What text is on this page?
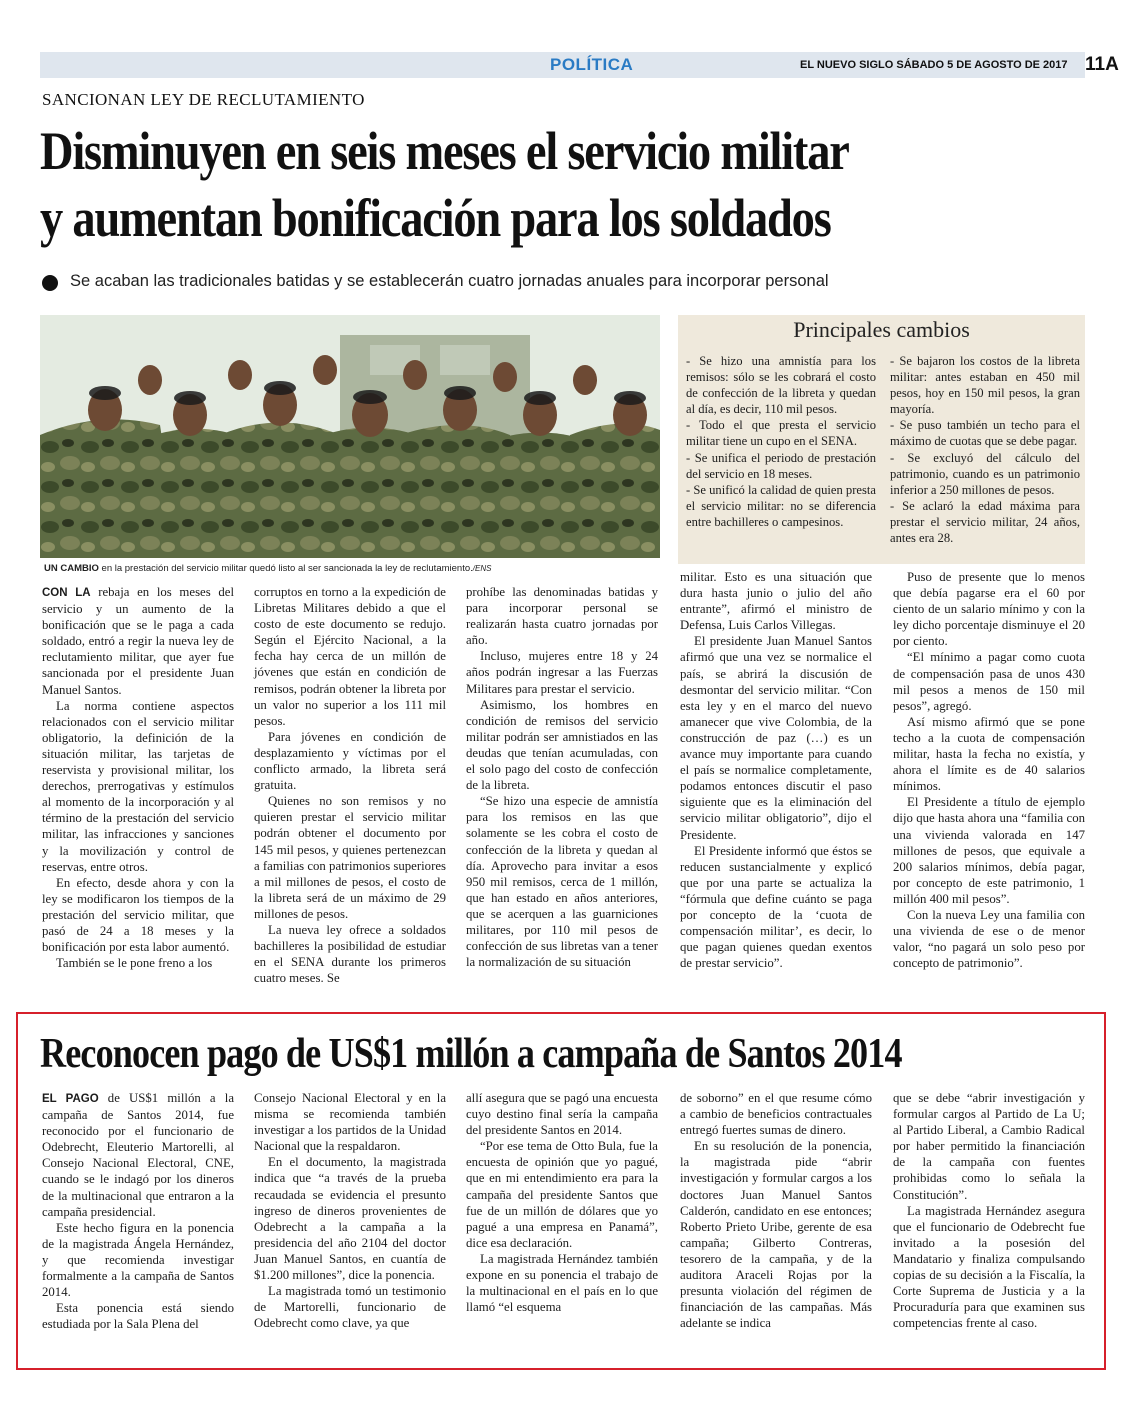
POLÍTICA	EL NUEVO SIGLO SÁBADO 5 DE AGOSTO DE 2017 11A
SANCIONAN LEY DE RECLUTAMIENTO
Disminuyen en seis meses el servicio militar
y aumentan bonificación para los soldados
Se acaban las tradicionales batidas y se establecerán cuatro jornadas anuales para incorporar personal
UN CAMBIO en la prestación del servicio militar quedó listo al ser sancionada la ley de reclutamiento./ENS
Principales cambios

- Se hizo una amnistía para los remisos: sólo se les cobrará el costo de confección de la libreta y quedan al día, es decir, 110 mil pesos.

- Todo el que presta el servicio militar tiene un cupo en el SENA.

- Se unifica el periodo de prestación del servicio en 18 meses.

- Se unificó la calidad de quien presta el servicio militar: no se diferencia entre bachilleres o campesinos.

- Se bajaron los costos de la libreta militar: antes estaban en 450 mil pesos, hoy en 150 mil pesos, la gran mayoría.

- Se puso también un techo para el máximo de cuotas que se debe pagar.

- Se excluyó del cálculo del patrimonio, cuando es un patrimonio inferior a 250 millones de pesos.

- Se aclaró la edad máxima para prestar el servicio militar, 24 años, antes era 28.

CON LA rebaja en los meses del servicio y un aumento de la bonificación que se le paga a cada soldado, entró a regir la nueva ley de reclutamiento militar, que ayer fue sancionada por el presidente Juan Manuel Santos.

La norma contiene aspectos relacionados con el servicio militar obligatorio, la definición de la situación militar, las tarjetas de reservista y provisional militar, los derechos, prerrogativas y estímulos al momento de la incorporación y al término de la prestación del servicio militar, las infracciones y sanciones y la movilización y control de reservas, entre otros.

En efecto, desde ahora y con la ley se modificaron los tiempos de la prestación del servicio militar, que pasó de 24 a 18 meses y la bonificación por esta labor aumentó.

También se le pone freno a los

corruptos en torno a la expedición de Libretas Militares debido a que el costo de este documento se redujo. Según el Ejército Nacional, a la fecha hay cerca de un millón de jóvenes que están en condición de remisos, podrán obtener la libreta por un valor no superior a los 111 mil pesos.

Para jóvenes en condición de desplazamiento y víctimas por el conflicto armado, la libreta será gratuita.

Quienes no son remisos y no quieren prestar el servicio militar podrán obtener el documento por 145 mil pesos, y quienes pertenezcan a familias con patrimonios superiores a mil millones de pesos, el costo de la libreta será de un máximo de 29 millones de pesos.

La nueva ley ofrece a soldados bachilleres la posibilidad de estudiar en el SENA durante los primeros cuatro meses. Se

prohíbe las denominadas batidas y para incorporar personal se realizarán hasta cuatro jornadas por año.

Incluso, mujeres entre 18 y 24 años podrán ingresar a las Fuerzas Militares para prestar el servicio.

Asimismo, los hombres en condición de remisos del servicio militar podrán ser amnistiados en las deudas que tenían acumuladas, con el solo pago del costo de confección de la libreta.

“Se hizo una especie de amnistía para los remisos en las que solamente se les cobra el costo de confección de la libreta y quedan al día. Aprovecho para invitar a esos 950 mil remisos, cerca de 1 millón, que han estado en años anteriores, que se acerquen a las guarniciones militares, por 110 mil pesos de confección de sus libretas van a tener la normalización de su situación

militar. Esto es una situación que dura hasta junio o julio del año entrante”, afirmó el ministro de Defensa, Luis Carlos Villegas.

El presidente Juan Manuel Santos afirmó que una vez se normalice el país, se abrirá la discusión de desmontar del servicio militar. “Con esta ley y en el marco del nuevo amanecer que vive Colombia, de la construcción de paz (…) es un avance muy importante para cuando el país se normalice completamente, podamos entonces discutir el paso siguiente que es la eliminación del servicio militar obligatorio”, dijo el Presidente.

El Presidente informó que éstos se reducen sustancialmente y explicó que por una parte se actualiza la “fórmula que define cuánto se paga por concepto de la ‘cuota de compensación militar’, es decir, lo que pagan quienes quedan exentos de prestar servicio”.

Puso de presente que lo menos que debía pagarse era el 60 por ciento de un salario mínimo y con la ley dicho porcentaje disminuye el 20 por ciento.

“El mínimo a pagar como cuota de compensación pasa de unos 430 mil pesos a menos de 150 mil pesos”, agregó.

Así mismo afirmó que se pone techo a la cuota de compensación militar, hasta la fecha no existía, y ahora el límite es de 40 salarios mínimos.

El Presidente a título de ejemplo dijo que hasta ahora una “familia con una vivienda valorada en 147 millones de pesos, que equivale a 200 salarios mínimos, debía pagar, por concepto de este patrimonio, 1 millón 400 mil pesos”.

Con la nueva Ley una familia con una vivienda de ese o de menor valor, “no pagará un solo peso por concepto de patrimonio”.

Reconocen pago de US$1 millón a campaña de Santos 2014

EL PAGO de US$1 millón a la campaña de Santos 2014, fue reconocido por el funcionario de Odebrecht, Eleuterio Martorelli, al Consejo Nacional Electoral, CNE, cuando se le indagó por los dineros de la multinacional que entraron a la campaña presidencial.

Este hecho figura en la ponencia de la magistrada Ángela Hernández, y que recomienda investigar formalmente a la campaña de Santos 2014.

Esta ponencia está siendo estudiada por la Sala Plena del

Consejo Nacional Electoral y en la misma se recomienda también investigar a los partidos de la Unidad Nacional que la respaldaron.

En el documento, la magistrada indica que “a través de la prueba recaudada se evidencia el presunto ingreso de dineros provenientes de Odebrecht a la campaña a la presidencia del año 2104 del doctor Juan Manuel Santos, en cuantía de $1.200 millones”, dice la ponencia.

La magistrada tomó un testimonio de Martorelli, funcionario de Odebrecht como clave, ya que

allí asegura que se pagó una encuesta cuyo destino final sería la campaña del presidente Santos en 2014.

“Por ese tema de Otto Bula, fue la encuesta de opinión que yo pagué, que en mi entendimiento era para la campaña del presidente Santos que fue de un millón de dólares que yo pagué a una empresa en Panamá”, dice esa declaración.

La magistrada Hernández también expone en su ponencia el trabajo de la multinacional en el país en lo que llamó “el esquema

de soborno” en el que resume cómo a cambio de beneficios contractuales entregó fuertes sumas de dinero.

En su resolución de la ponencia, la magistrada pide “abrir investigación y formular cargos a los doctores Juan Manuel Santos Calderón, candidato en ese entonces; Roberto Prieto Uribe, gerente de esa campaña; Gilberto Contreras, tesorero de la campaña, y de la auditora Araceli Rojas por la presunta violación del régimen de financiación de las campañas. Más adelante se indica

que se debe “abrir investigación y formular cargos al Partido de La U; al Partido Liberal, a Cambio Radical por haber permitido la financiación de la campaña con fuentes prohibidas como lo señala la Constitución”.

La magistrada Hernández asegura que el funcionario de Odebrecht fue invitado a la posesión del Mandatario y finaliza compulsando copias de su decisión a la Fiscalía, la Corte Suprema de Justicia y a la Procuraduría para que examinen sus competencias frente al caso.
